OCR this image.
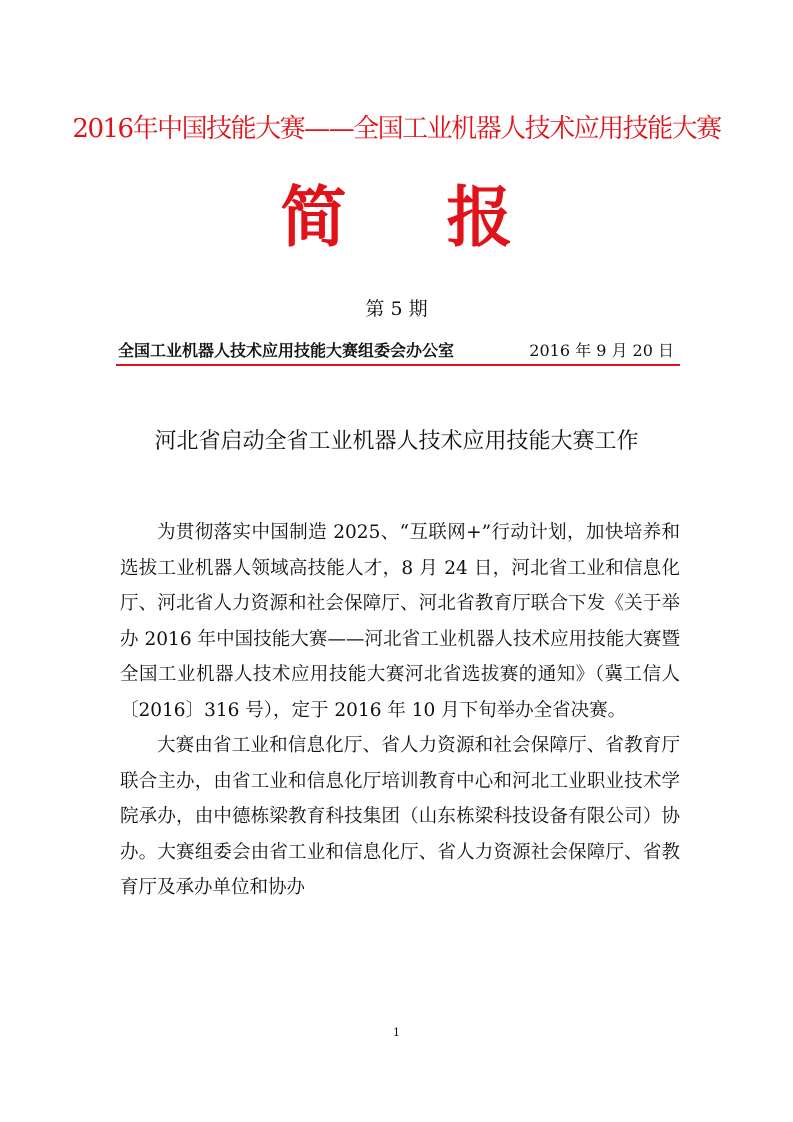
2016年中国技能大赛——全国工业机器人技术应用技能大赛
简 报
第 5 期
全国工业机器人技术应用技能大赛组委会办公室	2016 年 9 月 20 日
河北省启动全省工业机器人技术应用技能大赛工作

为贯彻落实中国制造 2025、“互联网+”行动计划，加快培养和选拔工业机器人领域高技能人才，8 月 24 日，河北省工业和信息化厅、河北省人力资源和社会保障厅、河北省教育厅联合下发《关于举办 2016 年中国技能大赛——河北省工业机器人技术应用技能大赛暨全国工业机器人技术应用技能大赛河北省选拔赛的通知》（冀工信人〔2016〕316 号），定于 2016 年 10 月下旬举办全省决赛。

大赛由省工业和信息化厅、省人力资源和社会保障厅、省教育厅联合主办，由省工业和信息化厅培训教育中心和河北工业职业技术学院承办，由中德栋梁教育科技集团（山东栋梁科技设备有限公司）协办。大赛组委会由省工业和信息化厅、省人力资源社会保障厅、省教育厅及承办单位和协办

1
